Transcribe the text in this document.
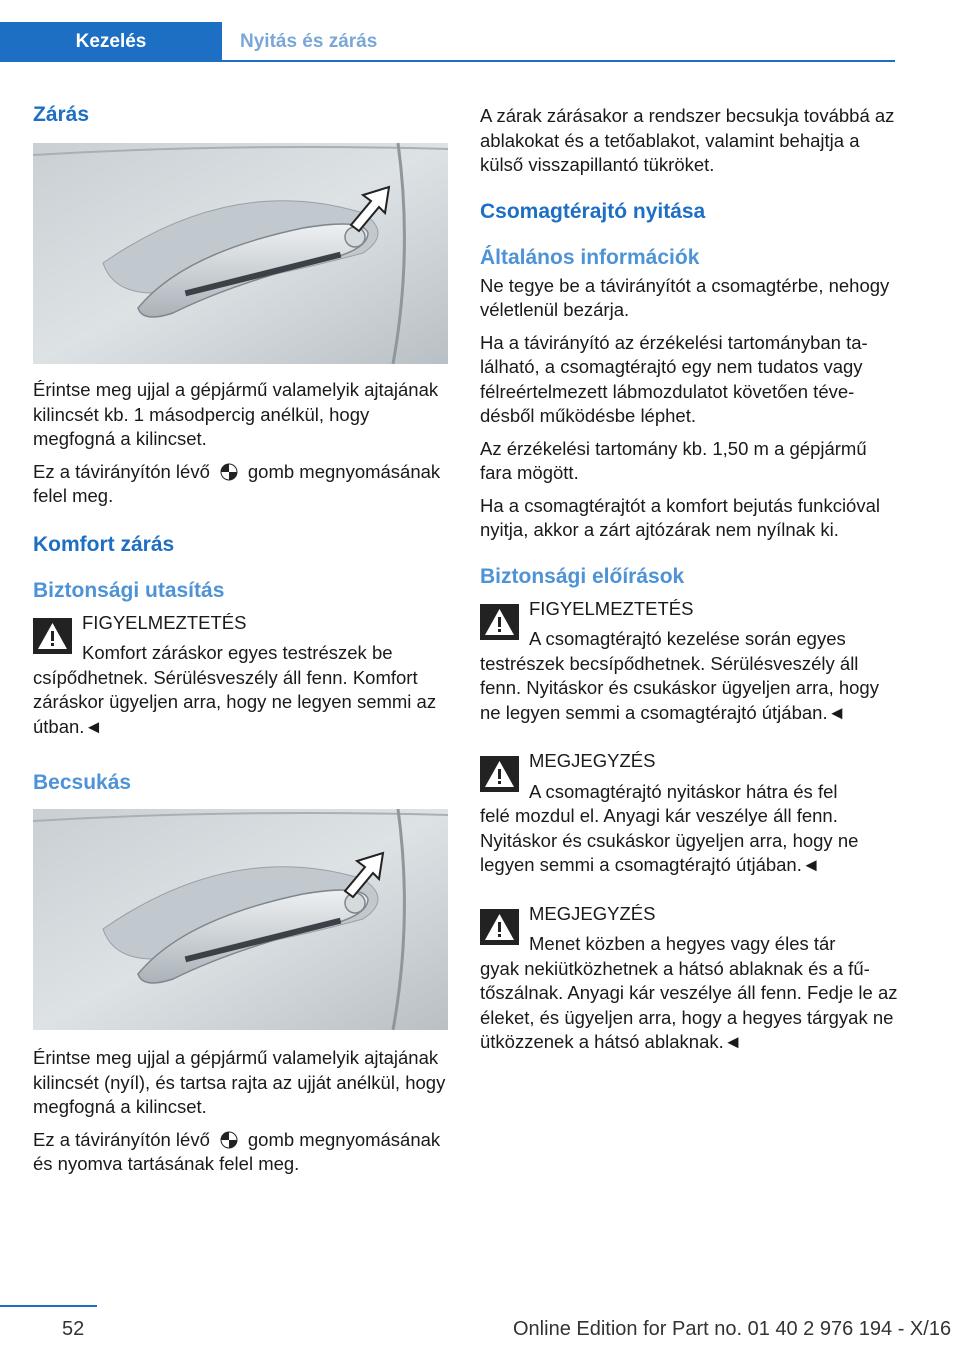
Kezelés	Nyitás és zárás
Zárás

Érintse meg ujjal a gépjármű valamelyik ajtajának kilincsét kb. 1 másodpercig anélkül, hogy megfogná a kilincset.

Ez a távirányítón lévő gomb megnyomásának felel meg.

Komfort zárás
Biztonsági utasítás

FIGYELMEZTETÉS

Komfort záráskor egyes testrészek be

csípődhetnek. Sérülésveszély áll fenn. Komfort záráskor ügyeljen arra, hogy ne legyen semmi az útban.◄

Becsukás

Érintse meg ujjal a gépjármű valamelyik ajtajának kilincsét (nyíl), és tartsa rajta az ujját anélkül, hogy megfogná a kilincset.

Ez a távirányítón lévő gomb megnyomásának és nyomva tartásának felel meg.

A zárak zárásakor a rendszer becsukja továbbá az ablakokat és a tetőablakot, valamint behajtja a külső visszapillantó tükröket.

Csomagtérajtó nyitása
Általános információk

Ne tegye be a távirányítót a csomagtérbe, nehogy véletlenül bezárja.

Ha a távirányító az érzékelési tartományban található, a csomagtérajtó egy nem tudatos vagy félreértelmezett lábmozdulatot követően tévedésből működésbe léphet.

Az érzékelési tartomány kb. 1,50 m a gépjármű fara mögött.

Ha a csomagtérajtót a komfort bejutás funkcióval nyitja, akkor a zárt ajtózárak nem nyílnak ki.

Biztonsági előírások

FIGYELMEZTETÉS

A csomagtérajtó kezelése során egyes

testrészek becsípődhetnek. Sérülésveszély áll fenn. Nyitáskor és csukáskor ügyeljen arra, hogy ne legyen semmi a csomagtérajtó útjában.◄

MEGJEGYZÉS

A csomagtérajtó nyitáskor hátra és fel

felé mozdul el. Anyagi kár veszélye áll fenn. Nyitáskor és csukáskor ügyeljen arra, hogy ne legyen semmi a csomagtérajtó útjában.◄

MEGJEGYZÉS

Menet közben a hegyes vagy éles tár

gyak nekiütközhetnek a hátsó ablaknak és a fűtőszálnak. Anyagi kár veszélye áll fenn. Fedje le az éleket, és ügyeljen arra, hogy a hegyes tárgyak ne ütközzenek a hátsó ablaknak.◄

52	Online Edition for Part no. 01 40 2 976 194 - X/16
